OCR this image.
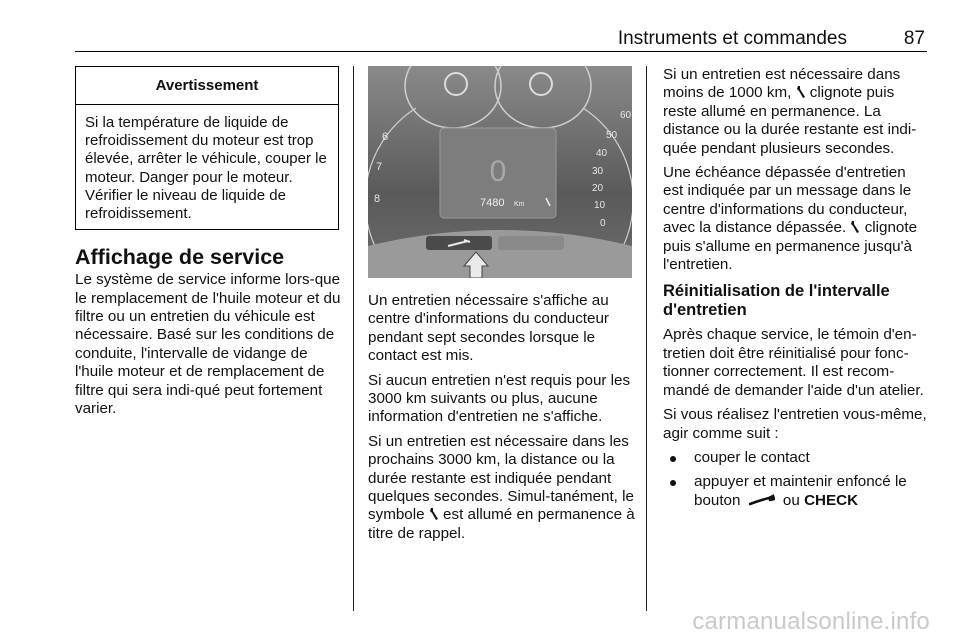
Instruments et commandes	87
Avertissement
Si la température de liquide de refroidissement du moteur est trop élevée, arrêter le véhicule, couper le moteur. Danger pour le moteur. Vérifier le niveau de liquide de refroidissement.
Affichage de service

Le système de service informe lors-que le remplacement de l'huile moteur et du filtre ou un entretien du véhicule est nécessaire. Basé sur les conditions de conduite, l'intervalle de vidange de l'huile moteur et de remplacement de filtre qui sera indi-qué peut fortement varier.

60
50
40
30
20
10
0
6
7
8
0
7480 Km

Un entretien nécessaire s'affiche au centre d'informations du conducteur pendant sept secondes lorsque le contact est mis.

Si aucun entretien n'est requis pour les 3000 km suivants ou plus, aucune information d'entretien ne s'affiche.

Si un entretien est nécessaire dans les prochains 3000 km, la distance ou la durée restante est indiquée pendant quelques secondes. Simul-tanément, le symbole est allumé en permanence à titre de rappel.

Si un entretien est nécessaire dans moins de 1000 km, clignote puis reste allumé en permanence. La distance ou la durée restante est indi-quée pendant plusieurs secondes.

Une échéance dépassée d'entretien est indiquée par un message dans le centre d'informations du conducteur, avec la distance dépassée. clignote puis s'allume en permanence jusqu'à l'entretien.

Réinitialisation de l'intervalle d'entretien

Après chaque service, le témoin d'en-tretien doit être réinitialisé pour fonc-tionner correctement. Il est recom-mandé de demander l'aide d'un atelier.

Si vous réalisez l'entretien vous-même, agir comme suit :

couper le contact
appuyer et maintenir enfoncé le bouton	ou CHECK
carmanualsonline.info
